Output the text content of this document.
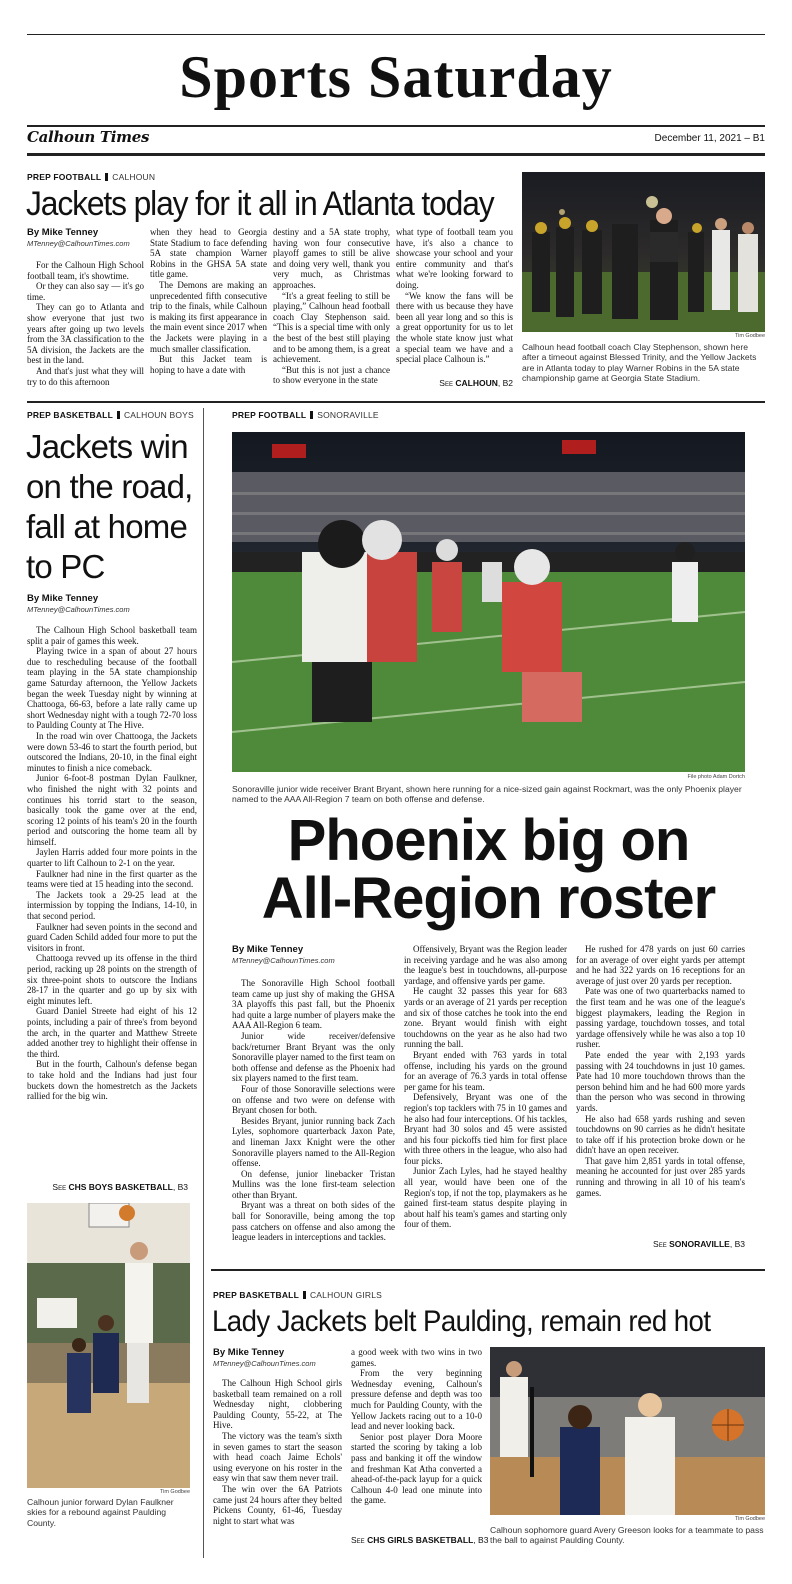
Sports Saturday
Calhoun Times	December 11, 2021 – B1
PREP FOOTBALL CALHOUN
Jackets play for it all in Atlanta today
By Mike Tenney
MTenney@CalhounTimes.com

For the Calhoun High School football team, it's showtime.

Or they can also say — it's go time.

They can go to Atlanta and show everyone that just two years after going up two levels from the 3A classification to the 5A division, the Jackets are the best in the land.

And that's just what they will try to do this afternoon

when they head to Georgia State Stadium to face defending 5A state champion Warner Robins in the GHSA 5A state title game.

The Demons are making an unprecedented fifth consecutive trip to the finals, while Calhoun is making its first appearance in the main event since 2017 when the Jackets were playing in a much smaller classification.

But this Jacket team is hoping to have a date with

destiny and a 5A state trophy, having won four consecutive playoff games to still be alive and doing very well, thank you very much, as Christmas approaches.

“It's a great feeling to still be playing,” Calhoun head football coach Clay Stephenson said. “This is a special time with only the best of the best still playing and to be among them, is a great achievement.

“But this is not just a chance to show everyone in the state

what type of football team you have, it's also a chance to showcase your school and your entire community and that's what we're looking forward to doing.

“We know the fans will be there with us because they have been all year long and so this is a great opportunity for us to let the whole state know just what a special team we have and a special place Calhoun is.”

See CALHOUN, B2
Tim Godbee
Calhoun head football coach Clay Stephenson, shown here after a timeout against Blessed Trinity, and the Yellow Jackets are in Atlanta today to play Warner Robins in the 5A state championship game at Georgia State Stadium.
PREP BASKETBALL CALHOUN BOYS
Jackets win on the road, fall at home to PC
By Mike Tenney
MTenney@CalhounTimes.com

The Calhoun High School basketball team split a pair of games this week.

Playing twice in a span of about 27 hours due to rescheduling because of the football team playing in the 5A state championship game Saturday afternoon, the Yellow Jackets began the week Tuesday night by winning at Chattooga, 66-63, before a late rally came up short Wednesday night with a tough 72-70 loss to Paulding County at The Hive.

In the road win over Chattooga, the Jackets were down 53-46 to start the fourth period, but outscored the Indians, 20-10, in the final eight minutes to finish a nice comeback.

Junior 6-foot-8 postman Dylan Faulkner, who finished the night with 32 points and continues his torrid start to the season, basically took the game over at the end, scoring 12 points of his team's 20 in the fourth period and outscoring the home team all by himself.

Jaylen Harris added four more points in the quarter to lift Calhoun to 2-1 on the year.

Faulkner had nine in the first quarter as the teams were tied at 15 heading into the second.

The Jackets took a 29-25 lead at the intermission by topping the Indians, 14-10, in that second period.

Faulkner had seven points in the second and guard Caden Schild added four more to put the visitors in front.

Chattooga revved up its offense in the third period, racking up 28 points on the strength of six three-point shots to outscore the Indians 28-17 in the quarter and go up by six with eight minutes left.

Guard Daniel Streete had eight of his 12 points, including a pair of three's from beyond the arch, in the quarter and Matthew Streete added another trey to highlight their offense in the third.

But in the fourth, Calhoun's defense began to take hold and the Indians had just four buckets down the homestretch as the Jackets rallied for the big win.

See CHS BOYS BASKETBALL, B3
Tim Godbee
Calhoun junior forward Dylan Faulkner skies for a rebound against Paulding County.
PREP FOOTBALL SONORAVILLE
File photo Adam Dortch
Sonoraville junior wide receiver Brant Bryant, shown here running for a nice-sized gain against Rockmart, was the only Phoenix player named to the AAA All-Region 7 team on both offense and defense.
Phoenix big on
All-Region roster
By Mike Tenney
MTenney@CalhounTimes.com

The Sonoraville High School football team came up just shy of making the GHSA 3A playoffs this past fall, but the Phoenix had quite a large number of players make the AAA All-Region 6 team.

Junior wide receiver/defensive back/returner Brant Bryant was the only Sonoraville player named to the first team on both offense and defense as the Phoenix had six players named to the first team.

Four of those Sonoraville selections were on offense and two were on defense with Bryant chosen for both.

Besides Bryant, junior running back Zach Lyles, sophomore quarterback Jaxon Pate, and lineman Jaxx Knight were the other Sonoraville players named to the All-Region offense.

On defense, junior linebacker Tristan Mullins was the lone first-team selection other than Bryant.

Bryant was a threat on both sides of the ball for Sonoraville, being among the top pass catchers on offense and also among the league leaders in interceptions and tackles.

Offensively, Bryant was the Region leader in receiving yardage and he was also among the league's best in touchdowns, all-purpose yardage, and offensive yards per game.

He caught 32 passes this year for 683 yards or an average of 21 yards per reception and six of those catches he took into the end zone. Bryant would finish with eight touchdowns on the year as he also had two running the ball.

Bryant ended with 763 yards in total offense, including his yards on the ground for an average of 76.3 yards in total offense per game for his team.

Defensively, Bryant was one of the region's top tacklers with 75 in 10 games and he also had four interceptions. Of his tackles, Bryant had 30 solos and 45 were assisted and his four pickoffs tied him for first place with three others in the league, who also had four picks.

Junior Zach Lyles, had he stayed healthy all year, would have been one of the Region's top, if not the top, playmakers as he gained first-team status despite playing in about half his team's games and starting only four of them.

He rushed for 478 yards on just 60 carries for an average of over eight yards per attempt and he had 322 yards on 16 receptions for an average of just over 20 yards per reception.

Pate was one of two quarterbacks named to the first team and he was one of the league's biggest playmakers, leading the Region in passing yardage, touchdown tosses, and total yardage offensively while he was also a top 10 rusher.

Pate ended the year with 2,193 yards passing with 24 touchdowns in just 10 games. Pate had 10 more touchdown throws than the person behind him and he had 600 more yards than the person who was second in throwing yards.

He also had 658 yards rushing and seven touchdowns on 90 carries as he didn't hesitate to take off if his protection broke down or he didn't have an open receiver.

That gave him 2,851 yards in total offense, meaning he accounted for just over 285 yards running and throwing in all 10 of his team's games.

See SONORAVILLE, B3
PREP BASKETBALL CALHOUN GIRLS
Lady Jackets belt Paulding, remain red hot
By Mike Tenney
MTenney@CalhounTimes.com

The Calhoun High School girls basketball team remained on a roll Wednesday night, clobbering Paulding County, 55-22, at The Hive.

The victory was the team's sixth in seven games to start the season with head coach Jaime Echols' using everyone on his roster in the easy win that saw them never trail.

The win over the 6A Patriots came just 24 hours after they belted Pickens County, 61-46, Tuesday night to start what was

a good week with two wins in two games.

From the very beginning Wednesday evening, Calhoun's pressure defense and depth was too much for Paulding County, with the Yellow Jackets racing out to a 10-0 lead and never looking back.

Senior post player Dora Moore started the scoring by taking a lob pass and banking it off the window and freshman Kat Atha converted a ahead-of-the-pack layup for a quick Calhoun 4-0 lead one minute into the game.

See CHS GIRLS BASKETBALL, B3
Tim Godbee
Calhoun sophomore guard Avery Greeson looks for a teammate to pass the ball to against Paulding County.
